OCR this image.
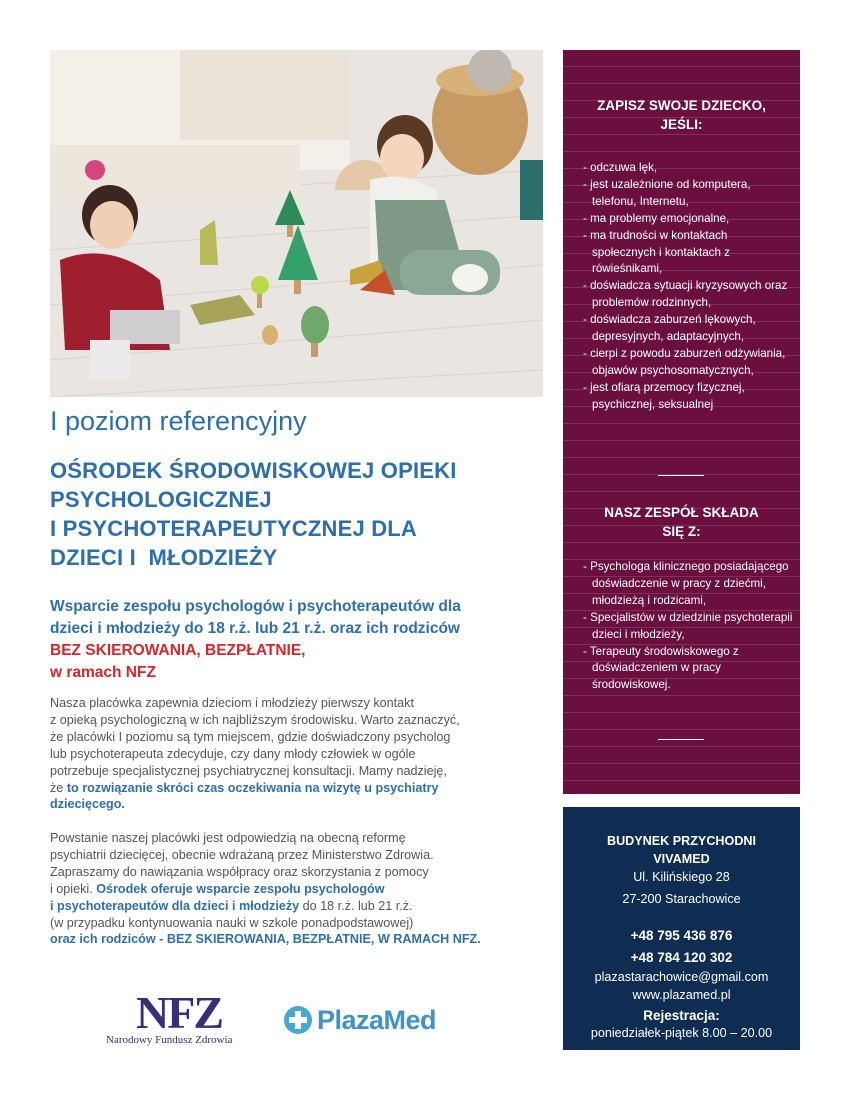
I poziom referencyjny
OŚRODEK ŚRODOWISKOWEJ OPIEKI
PSYCHOLOGICZNEJ
I PSYCHOTERAPEUTYCZNEJ DLA
DZIECI I  MŁODZIEŻY
Wsparcie zespołu psychologów i psychoterapeutów dla
dzieci i młodzieży do 18 r.ż. lub 21 r.ż. oraz ich rodziców
BEZ SKIEROWANIA, BEZPŁATNIE,
w ramach NFZ
Nasza placówka zapewnia dzieciom i młodzieży pierwszy kontakt
z opieką psychologiczną w ich najbliższym środowisku. Warto zaznaczyć,
że placówki I poziomu są tym miejscem, gdzie doświadczony psycholog
lub psychoterapeuta zdecyduje, czy dany młody człowiek w ogóle
potrzebuje specjalistycznej psychiatrycznej konsultacji. Mamy nadzieję,
że to rozwiązanie skróci czas oczekiwania na wizytę u psychiatry
dziecięcego.
Powstanie naszej placówki jest odpowiedzią na obecną reformę
psychiatrii dziecięcej, obecnie wdrażaną przez Ministerstwo Zdrowia.
Zapraszamy do nawiązania współpracy oraz skorzystania z pomocy
i opieki. Ośrodek oferuje wsparcie zespołu psychologów
i psychoterapeutów dla dzieci i młodzieży do 18 r.ż. lub 21 r.ż.
(w przypadku kontynuowania nauki w szkole ponadpodstawowej)
oraz ich rodziców - BEZ SKIEROWANIA, BEZPŁATNIE, W RAMACH NFZ.
NFZ
Narodowy Fundusz Zdrowia
PlazaMed
ZAPISZ SWOJE DZIECKO,
JEŚLI:
- odczuwa lęk,
- jest uzależnione od komputera, telefonu, Internetu,
- ma problemy emocjonalne,
- ma trudności w kontaktach społecznych i kontaktach z rówieśnikami,
- doświadcza sytuacji kryzysowych oraz problemów rodzinnych,
- doświadcza zaburzeń lękowych, depresyjnych, adaptacyjnych,
- cierpi z powodu zaburzeń odżywiania, objawów psychosomatycznych,
- jest ofiarą przemocy fizycznej, psychicznej, seksualnej
NASZ ZESPÓŁ SKŁADA
SIĘ Z:
- Psychologa klinicznego posiadającego doświadczenie w pracy z dziećmi, młodzieżą i rodzicami,
- Specjalistów w dziedzinie psychoterapii dzieci i młodzieży,
- Terapeuty środowiskowego z doświadczeniem w pracy środowiskowej.
BUDYNEK PRZYCHODNI
VIVAMED
Ul. Kilińskiego 28
27-200 Starachowice
+48 795 436 876
+48 784 120 302
plazastarachowice@gmail.com
www.plazamed.pl
Rejestracja:
poniedziałek-piątek 8.00 – 20.00
